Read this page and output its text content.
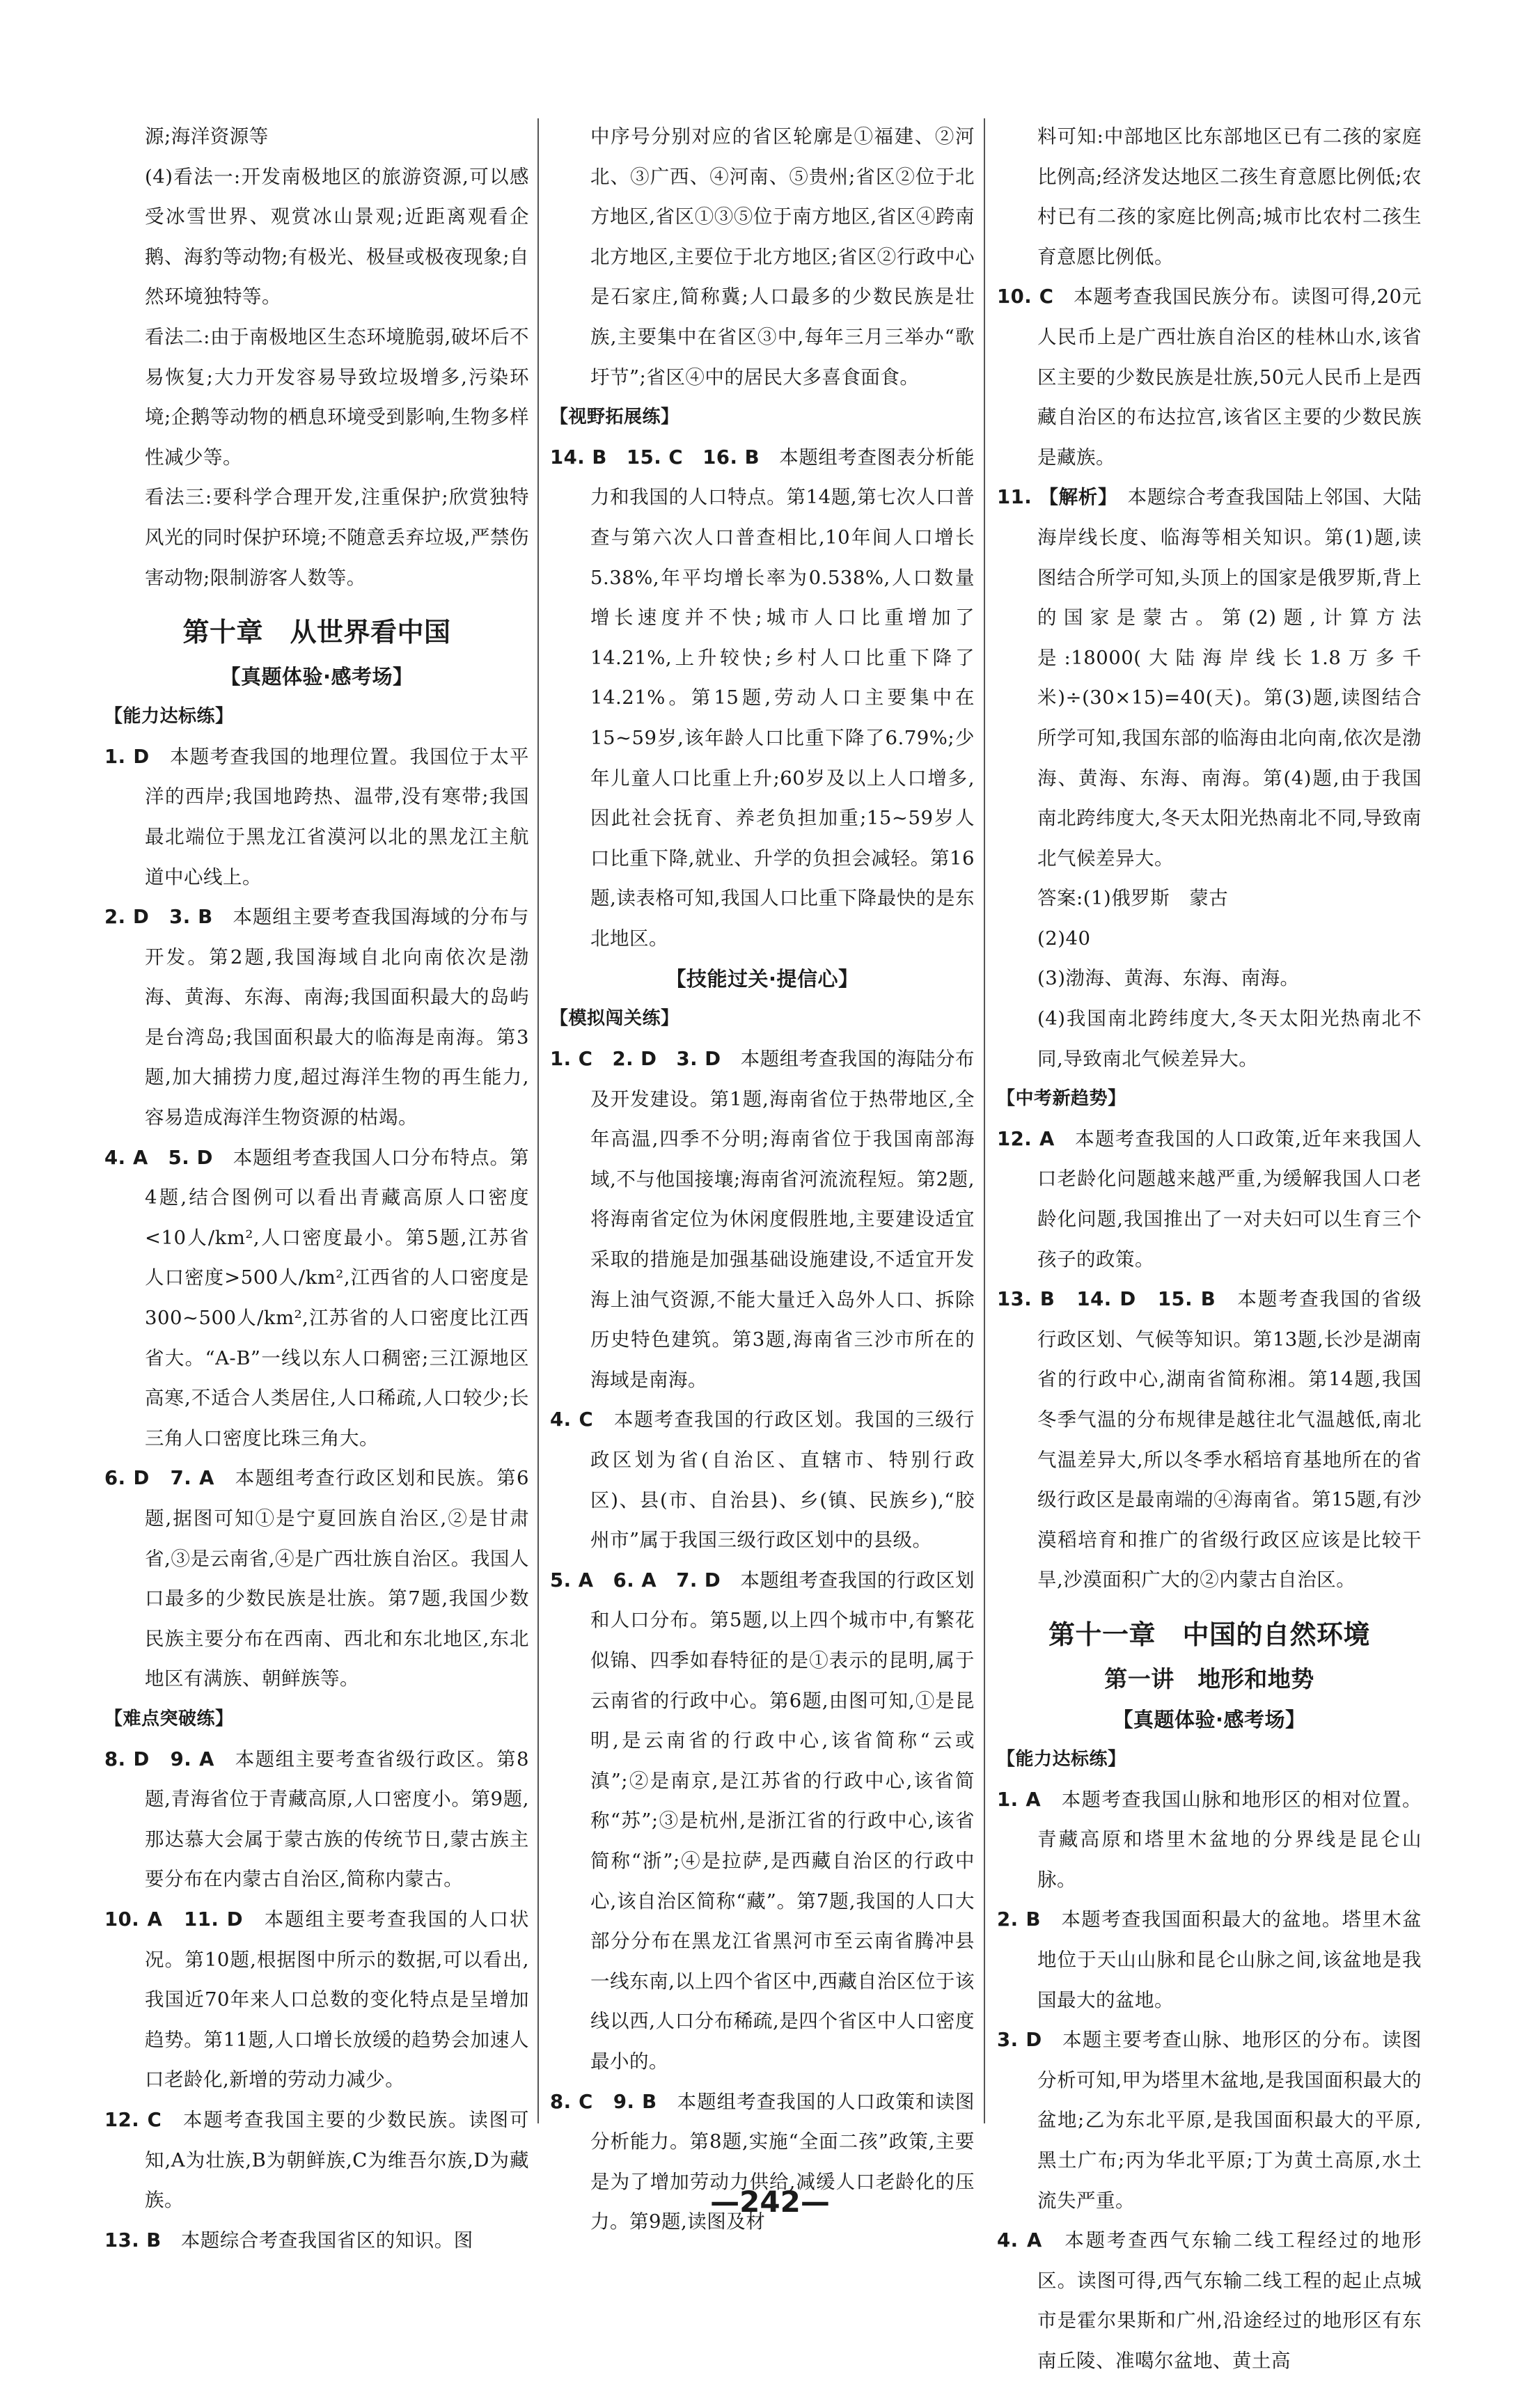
源;海洋资源等

(4)看法一:开发南极地区的旅游资源,可以感受冰雪世界、观赏冰山景观;近距离观看企鹅、海豹等动物;有极光、极昼或极夜现象;自然环境独特等。

看法二:由于南极地区生态环境脆弱,破坏后不易恢复;大力开发容易导致垃圾增多,污染环境;企鹅等动物的栖息环境受到影响,生物多样性减少等。

看法三:要科学合理开发,注重保护;欣赏独特风光的同时保护环境;不随意丢弃垃圾,严禁伤害动物;限制游客人数等。

第十章　从世界看中国

【真题体验·感考场】

【能力达标练】

1. D　 本题考查我国的地理位置。我国位于太平洋的西岸;我国地跨热、温带,没有寒带;我国最北端位于黑龙江省漠河以北的黑龙江主航道中心线上。

2. D　3. B　 本题组主要考查我国海域的分布与开发。第2题,我国海域自北向南依次是渤海、黄海、东海、南海;我国面积最大的岛屿是台湾岛;我国面积最大的临海是南海。第3题,加大捕捞力度,超过海洋生物的再生能力,容易造成海洋生物资源的枯竭。

4. A　5. D　 本题组考查我国人口分布特点。第4题,结合图例可以看出青藏高原人口密度<10人/km²,人口密度最小。第5题,江苏省人口密度>500人/km²,江西省的人口密度是300~500人/km²,江苏省的人口密度比江西省大。“A-B”一线以东人口稠密;三江源地区高寒,不适合人类居住,人口稀疏,人口较少;长三角人口密度比珠三角大。

6. D　7. A　 本题组考查行政区划和民族。第6题,据图可知①是宁夏回族自治区,②是甘肃省,③是云南省,④是广西壮族自治区。我国人口最多的少数民族是壮族。第7题,我国少数民族主要分布在西南、西北和东北地区,东北地区有满族、朝鲜族等。

【难点突破练】

8. D　9. A　 本题组主要考查省级行政区。第8题,青海省位于青藏高原,人口密度小。第9题,那达慕大会属于蒙古族的传统节日,蒙古族主要分布在内蒙古自治区,简称内蒙古。

10. A　11. D　 本题组主要考查我国的人口状况。第10题,根据图中所示的数据,可以看出,我国近70年来人口总数的变化特点是呈增加趋势。第11题,人口增长放缓的趋势会加速人口老龄化,新增的劳动力减少。

12. C　 本题考查我国主要的少数民族。读图可知,A为壮族,B为朝鲜族,C为维吾尔族,D为藏族。

13. B　 本题综合考查我国省区的知识。图

中序号分别对应的省区轮廓是①福建、②河北、③广西、④河南、⑤贵州;省区②位于北方地区,省区①③⑤位于南方地区,省区④跨南北方地区,主要位于北方地区;省区②行政中心是石家庄,简称冀;人口最多的少数民族是壮族,主要集中在省区③中,每年三月三举办“歌圩节”;省区④中的居民大多喜食面食。

【视野拓展练】

14. B　15. C　16. B　 本题组考查图表分析能力和我国的人口特点。第14题,第七次人口普查与第六次人口普查相比,10年间人口增长5.38%,年平均增长率为0.538%,人口数量增长速度并不快;城市人口比重增加了14.21%,上升较快;乡村人口比重下降了14.21%。第15题,劳动人口主要集中在15~59岁,该年龄人口比重下降了6.79%;少年儿童人口比重上升;60岁及以上人口增多,因此社会抚育、养老负担加重;15~59岁人口比重下降,就业、升学的负担会减轻。第16题,读表格可知,我国人口比重下降最快的是东北地区。

【技能过关·提信心】

【模拟闯关练】

1. C　2. D　3. D　 本题组考查我国的海陆分布及开发建设。第1题,海南省位于热带地区,全年高温,四季不分明;海南省位于我国南部海域,不与他国接壤;海南省河流流程短。第2题,将海南省定位为休闲度假胜地,主要建设适宜采取的措施是加强基础设施建设,不适宜开发海上油气资源,不能大量迁入岛外人口、拆除历史特色建筑。第3题,海南省三沙市所在的海域是南海。

4. C　 本题考查我国的行政区划。我国的三级行政区划为省(自治区、直辖市、特别行政区)、县(市、自治县)、乡(镇、民族乡),“胶州市”属于我国三级行政区划中的县级。

5. A　6. A　7. D　 本题组考查我国的行政区划和人口分布。第5题,以上四个城市中,有繁花似锦、四季如春特征的是①表示的昆明,属于云南省的行政中心。第6题,由图可知,①是昆明,是云南省的行政中心,该省简称“云或滇”;②是南京,是江苏省的行政中心,该省简称“苏”;③是杭州,是浙江省的行政中心,该省简称“浙”;④是拉萨,是西藏自治区的行政中心,该自治区简称“藏”。第7题,我国的人口大部分分布在黑龙江省黑河市至云南省腾冲县一线东南,以上四个省区中,西藏自治区位于该线以西,人口分布稀疏,是四个省区中人口密度最小的。

8. C　9. B　 本题组考查我国的人口政策和读图分析能力。第8题,实施“全面二孩”政策,主要是为了增加劳动力供给,减缓人口老龄化的压力。第9题,读图及材

料可知:中部地区比东部地区已有二孩的家庭比例高;经济发达地区二孩生育意愿比例低;农村已有二孩的家庭比例高;城市比农村二孩生育意愿比例低。

10. C　 本题考查我国民族分布。读图可得,20元人民币上是广西壮族自治区的桂林山水,该省区主要的少数民族是壮族,50元人民币上是西藏自治区的布达拉宫,该省区主要的少数民族是藏族。

11. 【解析】　 本题综合考查我国陆上邻国、大陆海岸线长度、临海等相关知识。第(1)题,读图结合所学可知,头顶上的国家是俄罗斯,背上的国家是蒙古。第(2)题,计算方法是:18000(大陆海岸线长1.8万多千米)÷(30×15)=40(天)。第(3)题,读图结合所学可知,我国东部的临海由北向南,依次是渤海、黄海、东海、南海。第(4)题,由于我国南北跨纬度大,冬天太阳光热南北不同,导致南北气候差异大。

答案:(1)俄罗斯　蒙古

(2)40

(3)渤海、黄海、东海、南海。

(4)我国南北跨纬度大,冬天太阳光热南北不同,导致南北气候差异大。

【中考新趋势】

12. A　 本题考查我国的人口政策,近年来我国人口老龄化问题越来越严重,为缓解我国人口老龄化问题,我国推出了一对夫妇可以生育三个孩子的政策。

13. B　14. D　15. B　 本题考查我国的省级行政区划、气候等知识。第13题,长沙是湖南省的行政中心,湖南省简称湘。第14题,我国冬季气温的分布规律是越往北气温越低,南北气温差异大,所以冬季水稻培育基地所在的省级行政区是最南端的④海南省。第15题,有沙漠稻培育和推广的省级行政区应该是比较干旱,沙漠面积广大的②内蒙古自治区。

第十一章　中国的自然环境

第一讲　地形和地势

【真题体验·感考场】

【能力达标练】

1. A　 本题考查我国山脉和地形区的相对位置。青藏高原和塔里木盆地的分界线是昆仑山脉。

2. B　 本题考查我国面积最大的盆地。塔里木盆地位于天山山脉和昆仑山脉之间,该盆地是我国最大的盆地。

3. D　 本题主要考查山脉、地形区的分布。读图分析可知,甲为塔里木盆地,是我国面积最大的盆地;乙为东北平原,是我国面积最大的平原,黑土广布;丙为华北平原;丁为黄土高原,水土流失严重。

4. A　 本题考查西气东输二线工程经过的地形区。读图可得,西气东输二线工程的起止点城市是霍尔果斯和广州,沿途经过的地形区有东南丘陵、准噶尔盆地、黄土高

—242—
